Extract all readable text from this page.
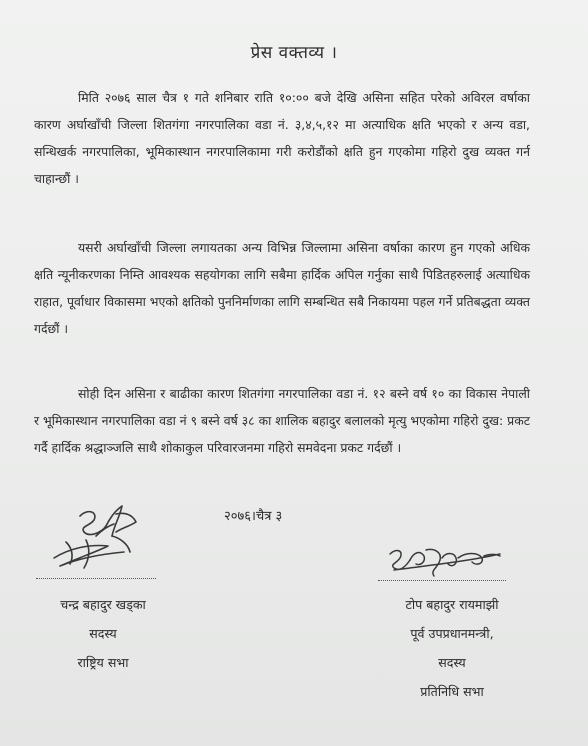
प्रेस वक्तव्य ।

मिति २०७६ साल चैत्र १ गते शनिबार राति १०:०० बजे देखि असिना सहित परेको अविरल वर्षाका कारण अर्घाखाँची जिल्ला शितगंगा नगरपालिका वडा नं. ३,४,५,१२ मा अत्याधिक क्षति भएको र अन्य वडा, सन्धिखर्क नगरपालिका, भूमिकास्थान नगरपालिकामा गरी करोडौंको क्षति हुन गएकोमा गहिरो दुख व्यक्त गर्न चाहान्छौं ।

यसरी अर्घाखाँची जिल्ला लगायतका अन्य विभिन्न जिल्लामा असिना वर्षाका कारण हुन गएको अधिक क्षति न्यूनीकरणका निम्ति आवश्यक सहयोगका लागि सबैमा हार्दिक अपिल गर्नुका साथै पिडितहरुलाई अत्याधिक राहात, पूर्वाधार विकासमा भएको क्षतिको पुननिर्माणका लागि सम्बन्धित सबै निकायमा पहल गर्ने प्रतिबद्धता व्यक्त गर्दछौं ।

सोही दिन असिना र बाढीका कारण शितगंगा नगरपालिका वडा नं. १२ बस्ने वर्ष १० का विकास नेपाली र भूमिकास्थान नगरपालिका वडा नं ९ बस्ने वर्ष ३८ का शालिक बहादुर बलालको मृत्यु भएकोमा गहिरो दुख: प्रकट गर्दै हार्दिक श्रद्धाञ्जलि साथै शोकाकुल परिवारजनमा गहिरो समवेदना प्रकट गर्दछौं ।

२०७६।चैत्र ३
चन्द्र बहादुर खड्का
सदस्य
राष्ट्रिय सभा
टोप बहादुर रायमाझी
पूर्व उपप्रधानमन्त्री,
सदस्य
प्रतिनिधि सभा
